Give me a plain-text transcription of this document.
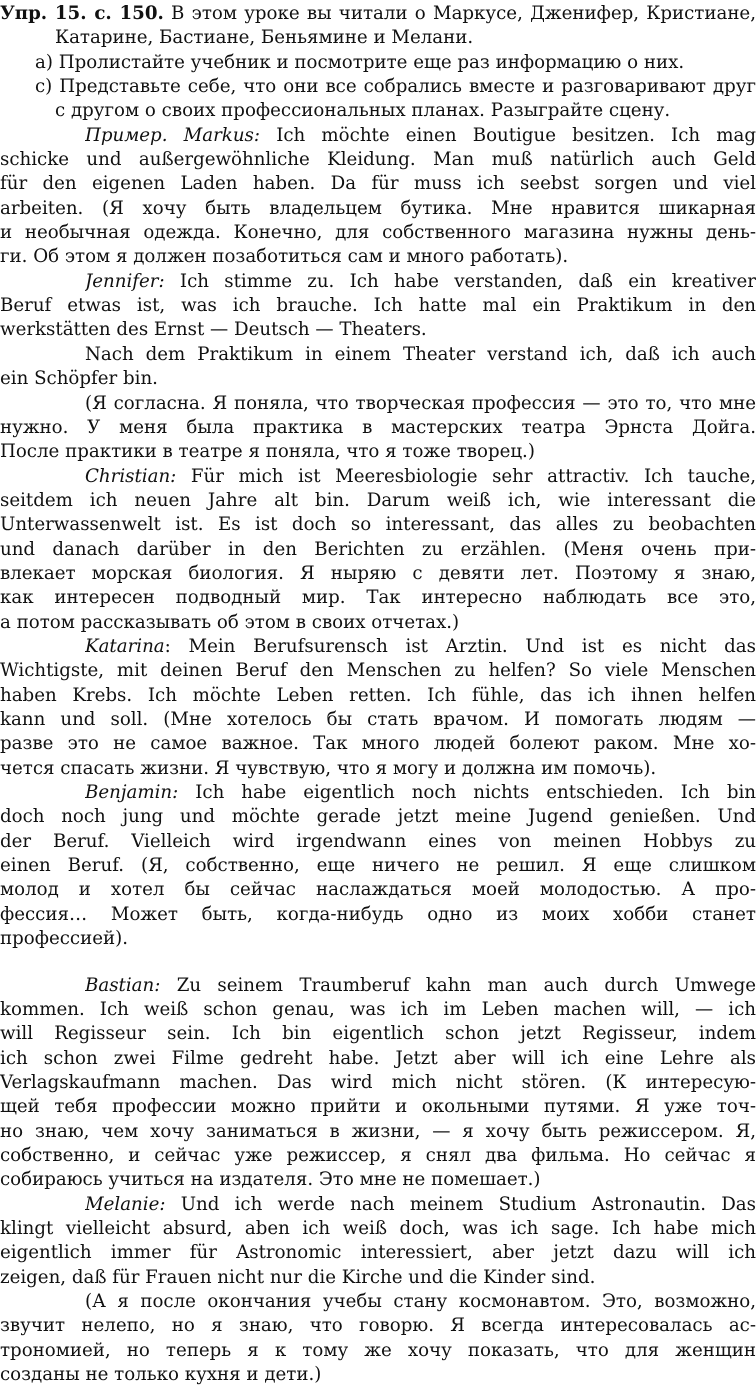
Упр. 15. с. 150. В этом уроке вы читали о Маркусе, Дженифер, Кристиане,
Катарине, Бастиане, Беньямине и Мелани.
а) Пролистайте учебник и посмотрите еще раз информацию о них.
с) Представьте себе, что они все собрались вместе и разговаривают друг
с другом о своих профессиональных планах. Разыграйте сцену.
Пример. Markus: Ich möchte einen Boutigue besitzen. Ich mag
schicke und außergewöhnliche Kleidung. Man muß natürlich auch Geld
für den eigenen Laden haben. Da für muss ich seebst sorgen und viel
arbeiten. (Я хочу быть владельцем бутика. Мне нравится шикарная
и необычная одежда. Конечно, для собственного магазина нужны день-
ги. Об этом я должен позаботиться сам и много работать).
Jennifer: Ich stimme zu. Ich habe verstanden, daß ein kreativer
Beruf etwas ist, was ich brauche. Ich hatte mal ein Praktikum in den
werkstätten des Ernst — Deutsch — Theaters.
Nach dem Praktikum in einem Theater verstand ich, daß ich auch
ein Schöpfer bin.
(Я согласна. Я поняла, что творческая профессия — это то, что мне
нужно. У меня была практика в мастерских театра Эрнста Дойга.
После практики в театре я поняла, что я тоже творец.)
Christian: Für mich ist Meeresbiologie sehr attractiv. Ich tauche,
seitdem ich neuen Jahre alt bin. Darum weiß ich, wie interessant die
Unterwassenwelt ist. Es ist doch so interessant, das alles zu beobachten
und danach darüber in den Berichten zu erzählen. (Меня очень при-
влекает морская биология. Я ныряю с девяти лет. Поэтому я знаю,
как интересен подводный мир. Так интересно наблюдать все это,
а потом рассказывать об этом в своих отчетах.)
Katarina: Mein Berufsurensch ist Arztin. Und ist es nicht das
Wichtigste, mit deinen Beruf den Menschen zu helfen? So viele Menschen
haben Krebs. Ich möchte Leben retten. Ich fühle, das ich ihnen helfen
kann und soll. (Мне хотелось бы стать врачом. И помогать людям —
разве это не самое важное. Так много людей болеют раком. Мне хо-
чется спасать жизни. Я чувствую, что я могу и должна им помочь).
Benjamin: Ich habe eigentlich noch nichts entschieden. Ich bin
doch noch jung und möchte gerade jetzt meine Jugend genießen. Und
der Beruf. Vielleich wird irgendwann eines von meinen Hobbys zu
einen Beruf. (Я, собственно, еще ничего не решил. Я еще слишком
молод и хотел бы сейчас наслаждаться моей молодостью. А про-
фессия… Может быть, когда-нибудь одно из моих хобби станет
профессией).
Bastian: Zu seinem Traumberuf kahn man auch durch Umwege
kommen. Ich weiß schon genau, was ich im Leben machen will, — ich
will Regisseur sein. Ich bin eigentlich schon jetzt Regisseur, indem
ich schon zwei Filme gedreht habe. Jetzt aber will ich eine Lehre als
Verlagskaufmann machen. Das wird mich nicht stören. (К интересую-
щей тебя профессии можно прийти и окольными путями. Я уже точ-
но знаю, чем хочу заниматься в жизни, — я хочу быть режиссером. Я,
собственно, и сейчас уже режиссер, я снял два фильма. Но сейчас я
собираюсь учиться на издателя. Это мне не помешает.)
Melanie: Und ich werde nach meinem Studium Astronautin. Das
klingt vielleicht absurd, aben ich weiß doch, was ich sage. Ich habe mich
eigentlich immer für Astronomic interessiert, aber jetzt dazu will ich
zeigen, daß für Frauen nicht nur die Kirche und die Kinder sind.
(А я после окончания учебы стану космонавтом. Это, возможно,
звучит нелепо, но я знаю, что говорю. Я всегда интересовалась ас-
трономией, но теперь я к тому же хочу показать, что для женщин
созданы не только кухня и дети.)
